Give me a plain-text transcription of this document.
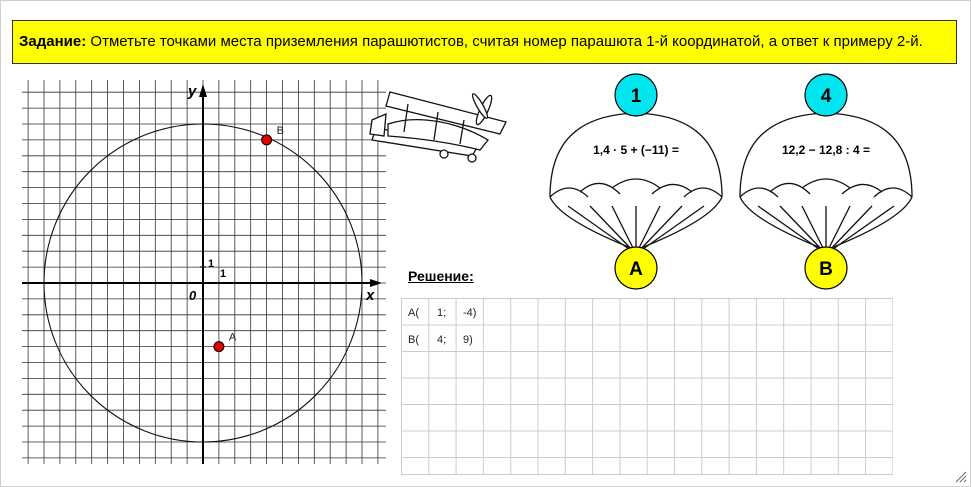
Задание: Отметьте точками места приземления парашютистов, считая номер парашюта 1-й координатой, а ответ к примеру 2-й.
x
y
0
1
1
A
B
1
1,4 · 5 + (−11) =
A
4
12,2 − 12,8 : 4 =
B
Решение:
A( 1; -4)
B( 4; 9)
